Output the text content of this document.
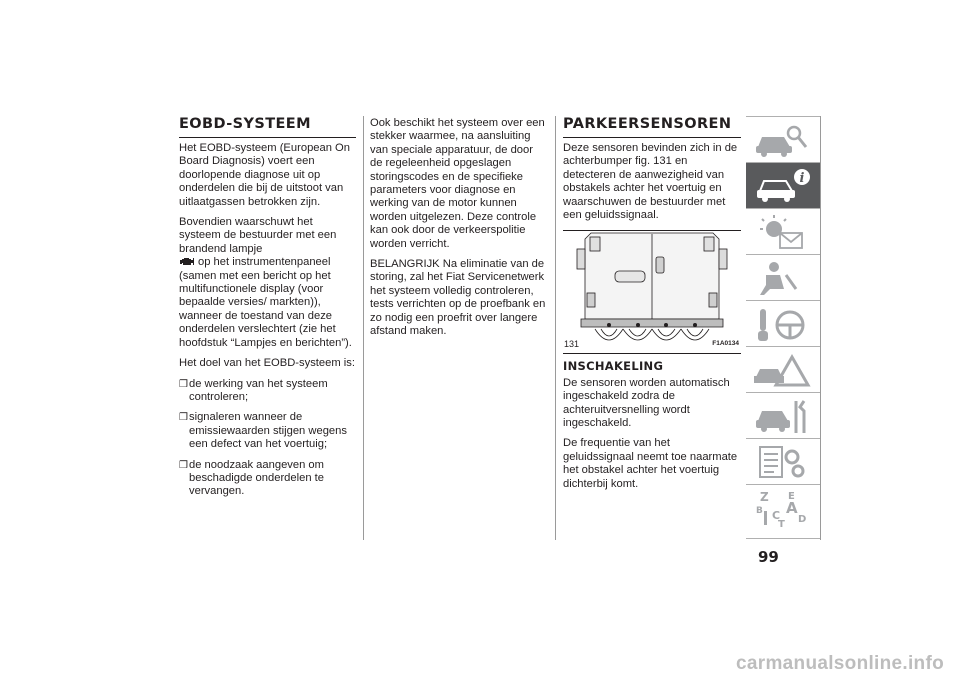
EOBD-SYSTEEM

Het EOBD-systeem (European On Board Diagnosis) voert een doorlopende diagnose uit op onderdelen die bij de uitstoot van uitlaatgassen betrokken zijn.

Bovendien waarschuwt het systeem de bestuurder met een brandend lampje
op het instrumentenpaneel (samen met een bericht op het multifunctionele display (voor bepaalde versies/ markten)), wanneer de toestand van deze onderdelen verslechtert (zie het hoofdstuk “Lampjes en berichten”).

Het doel van het EOBD-systeem is:

❒ de werking van het systeem controleren;
❒ signaleren wanneer de emissiewaarden stijgen wegens een defect van het voertuig;
❒ de noodzaak aangeven om beschadigde onderdelen te vervangen.

Ook beschikt het systeem over een stekker waarmee, na aansluiting van speciale apparatuur, de door de regeleenheid opgeslagen storingscodes en de specifieke parameters voor diagnose en werking van de motor kunnen worden uitgelezen. Deze controle kan ook door de verkeerspolitie worden verricht.

BELANGRIJK Na eliminatie van de storing, zal het Fiat Servicenetwerk het systeem volledig controleren, tests verrichten op de proefbank en zo nodig een proefrit over langere afstand maken.

PARKEERSENSOREN

Deze sensoren bevinden zich in de achterbumper fig. 131 en detecteren de aanwezigheid van obstakels achter het voertuig en waarschuwen de bestuurder met een geluidssignaal.

131	F1A0134
INSCHAKELING

De sensoren worden automatisch ingeschakeld zodra de achteruitversnelling wordt ingeschakeld.

De frequentie van het geluidssignaal neemt toe naarmate het obstakel achter het voertuig dichterbij komt.

i
Z E
B A
C D
T
99
carmanualsonline.info
